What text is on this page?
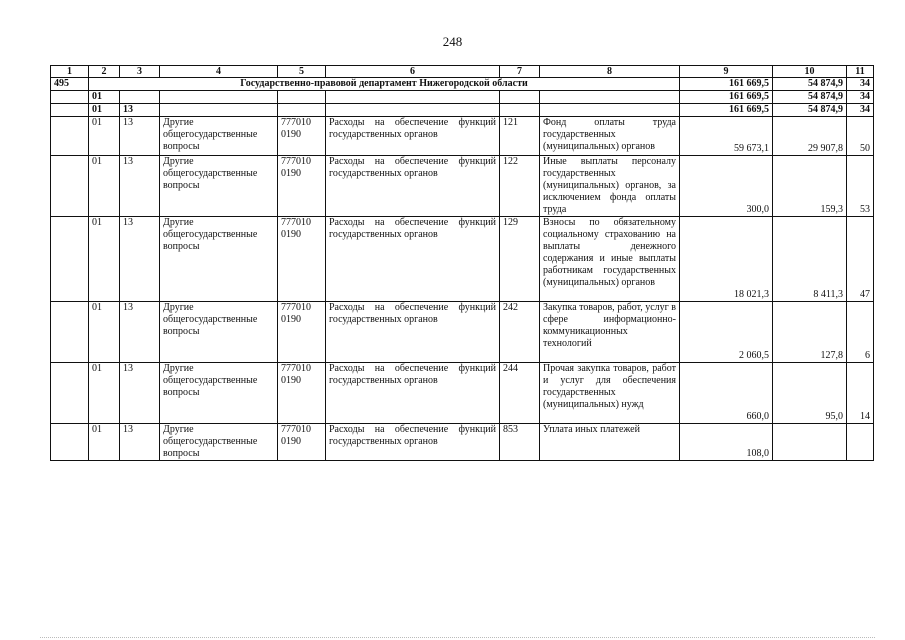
248
1	2	3	4	5	6	7	8	9	10	11
495	Государственно-правовой департамент Нижегородской области							161 669,5	54 874,9	34
	01							161 669,5	54 874,9	34
	01	13						161 669,5	54 874,9	34
	01	13	Другие общегосударственные вопросы	777010 0190	Расходы на обеспечение функций государственных органов	121	Фонд оплаты труда государственных (муниципальных) органов	59 673,1	29 907,8	50
	01	13	Другие общегосударственные вопросы	777010 0190	Расходы на обеспечение функций государственных органов	122	Иные выплаты персоналу государственных (муниципальных) органов, за исключением фонда оплаты труда	300,0	159,3	53
	01	13	Другие общегосударственные вопросы	777010 0190	Расходы на обеспечение функций государственных органов	129	Взносы по обязательному социальному страхованию на выплаты денежного содержания и иные выплаты работникам государственных (муниципальных) органов	18 021,3	8 411,3	47
	01	13	Другие общегосударственные вопросы	777010 0190	Расходы на обеспечение функций государственных органов	242	Закупка товаров, работ, услуг в сфере информационно-коммуникационных технологий	2 060,5	127,8	6
	01	13	Другие общегосударственные вопросы	777010 0190	Расходы на обеспечение функций государственных органов	244	Прочая закупка товаров, работ и услуг для обеспечения государственных (муниципальных) нужд	660,0	95,0	14
	01	13	Другие общегосударственные вопросы	777010 0190	Расходы на обеспечение функций государственных органов	853	Уплата иных платежей	108,0		
